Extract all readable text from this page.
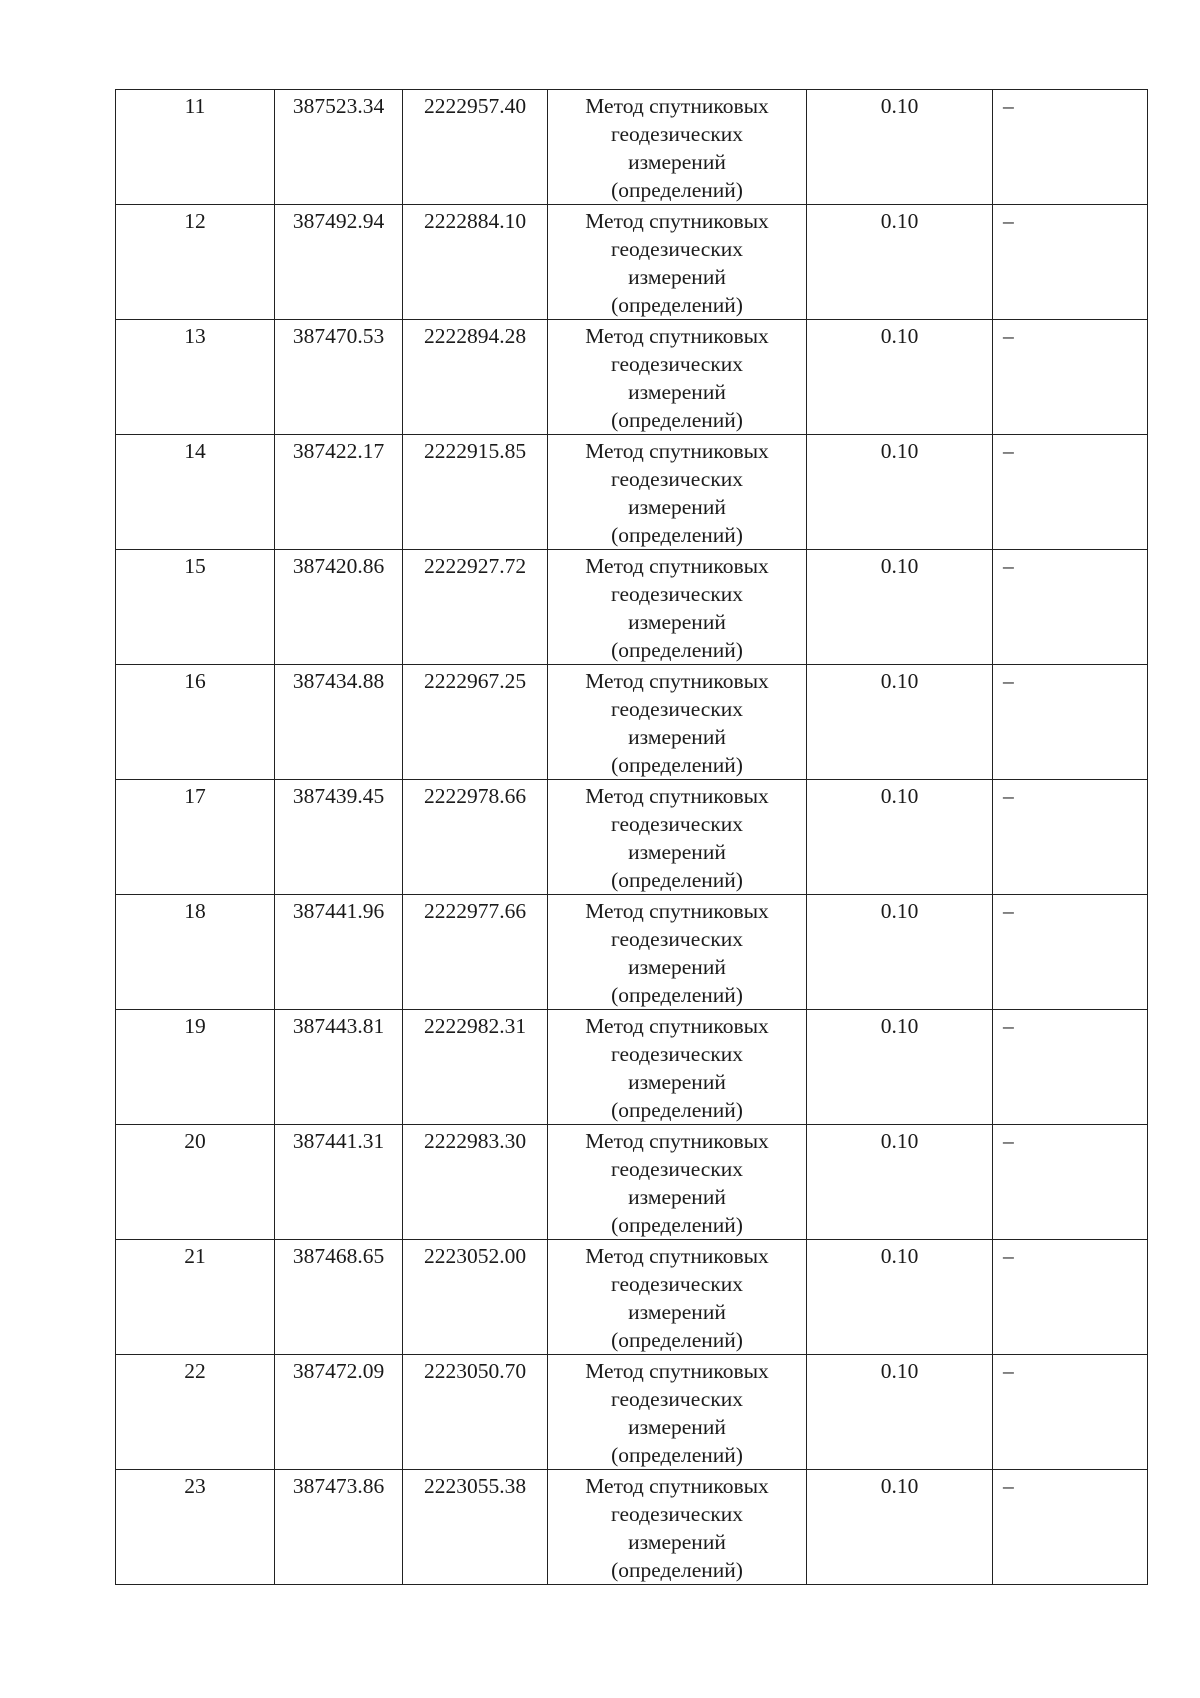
11	387523.34	2222957.40	Метод спутниковых геодезических измерений (определений)	0.10	–
12	387492.94	2222884.10	Метод спутниковых геодезических измерений (определений)	0.10	–
13	387470.53	2222894.28	Метод спутниковых геодезических измерений (определений)	0.10	–
14	387422.17	2222915.85	Метод спутниковых геодезических измерений (определений)	0.10	–
15	387420.86	2222927.72	Метод спутниковых геодезических измерений (определений)	0.10	–
16	387434.88	2222967.25	Метод спутниковых геодезических измерений (определений)	0.10	–
17	387439.45	2222978.66	Метод спутниковых геодезических измерений (определений)	0.10	–
18	387441.96	2222977.66	Метод спутниковых геодезических измерений (определений)	0.10	–
19	387443.81	2222982.31	Метод спутниковых геодезических измерений (определений)	0.10	–
20	387441.31	2222983.30	Метод спутниковых геодезических измерений (определений)	0.10	–
21	387468.65	2223052.00	Метод спутниковых геодезических измерений (определений)	0.10	–
22	387472.09	2223050.70	Метод спутниковых геодезических измерений (определений)	0.10	–
23	387473.86	2223055.38	Метод спутниковых геодезических измерений (определений)	0.10	–
